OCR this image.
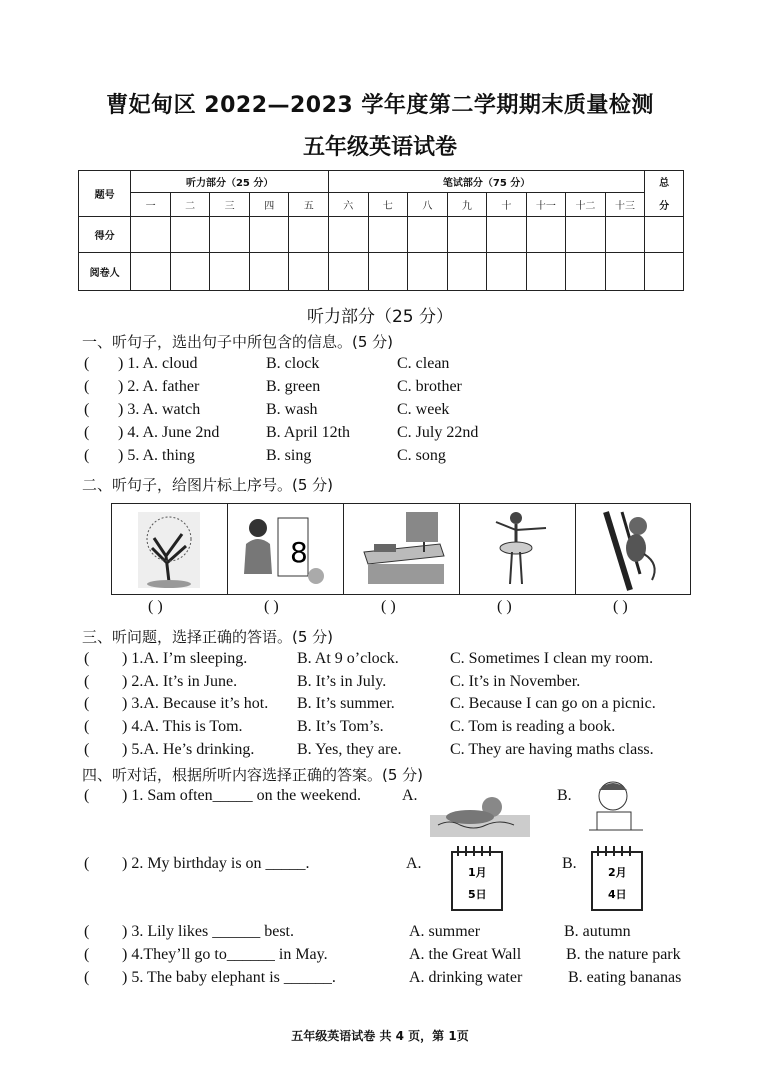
曹妃甸区 2022—2023 学年度第二学期期末质量检测
五年级英语试卷
题号	听力部分（25 分）					笔试部分（75 分）								总
	一	二	三	四	五	六	七	八	九	十	十一	十二	十三	分
得分														
阅卷人														
听力部分（25 分）
一、听句子，选出句子中所包含的信息。(5 分)
( ) 1. A. cloud	B. clock	C. clean
( ) 2. A. father	B. green	C. brother
( ) 3. A. watch	B. wash	C. week
( ) 4. A. June 2nd	B. April 12th	C. July 22nd
( ) 5. A. thing	B. sing	C. song
二、听句子，给图片标上序号。(5 分)
8
( )	( )	( )	( )	( )
三、听问题，选择正确的答语。(5 分)
( ) 1.A. I’m sleeping.	B. At 9 o’clock.	C. Sometimes I clean my room.
( ) 2.A. It’s in June.	B. It’s in July.	C. It’s in November.
( ) 3.A. Because it’s hot. B. It’s summer.	C. Because I can go on a picnic.
( ) 4.A. This is Tom.	B. It’s Tom’s.	C. Tom is reading a book.
( ) 5.A. He’s drinking.	B. Yes, they are.	C. They are having maths class.
四、听对话，根据所听内容选择正确的答案。(5 分)
( ) 1. Sam often_____ on the weekend.	A.	B.
( ) 2. My birthday is on _____.	A.
1月
5日
B.
2月
4日
( ) 3. Lily likes ______ best.	A. summer	B. autumn
( ) 4.They’ll go to______ in May.	A. the Great Wall	B. the nature park
( ) 5. The baby elephant is ______.	A. drinking water	B. eating bananas
五年级英语试卷 共 4 页，第 1页
